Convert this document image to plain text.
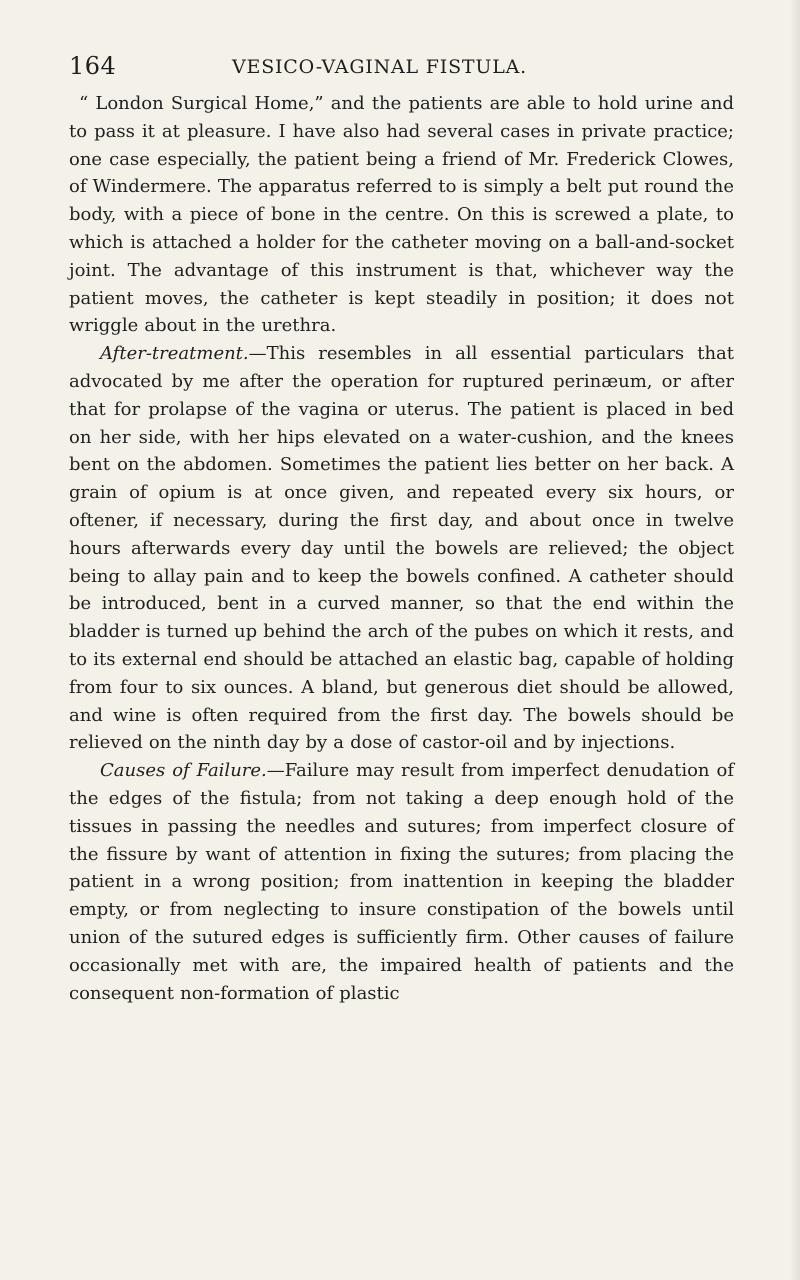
164	VESICO-VAGINAL FISTULA.

“ London Surgical Home,” and the patients are able to hold urine and to pass it at pleasure. I have also had several cases in private practice; one case especially, the patient being a friend of Mr. Frederick Clowes, of Windermere. The apparatus referred to is simply a belt put round the body, with a piece of bone in the centre. On this is screwed a plate, to which is attached a holder for the catheter moving on a ball-and-socket joint. The advantage of this instrument is that, whichever way the patient moves, the catheter is kept steadily in position; it does not wriggle about in the urethra.

After-treatment.—This resembles in all essential particulars that advocated by me after the operation for ruptured perinæum, or after that for prolapse of the vagina or uterus. The patient is placed in bed on her side, with her hips elevated on a water-cushion, and the knees bent on the abdomen. Sometimes the patient lies better on her back. A grain of opium is at once given, and repeated every six hours, or oftener, if necessary, during the first day, and about once in twelve hours afterwards every day until the bowels are relieved; the object being to allay pain and to keep the bowels confined. A catheter should be introduced, bent in a curved manner, so that the end within the bladder is turned up behind the arch of the pubes on which it rests, and to its external end should be attached an elastic bag, capable of holding from four to six ounces. A bland, but generous diet should be allowed, and wine is often required from the first day. The bowels should be relieved on the ninth day by a dose of castor-oil and by injections.

Causes of Failure.—Failure may result from imperfect denudation of the edges of the fistula; from not taking a deep enough hold of the tissues in passing the needles and sutures; from imperfect closure of the fissure by want of attention in fixing the sutures; from placing the patient in a wrong position; from inattention in keeping the bladder empty, or from neglecting to insure constipation of the bowels until union of the sutured edges is sufficiently firm. Other causes of failure occasionally met with are, the impaired health of patients and the consequent non-formation of plastic
